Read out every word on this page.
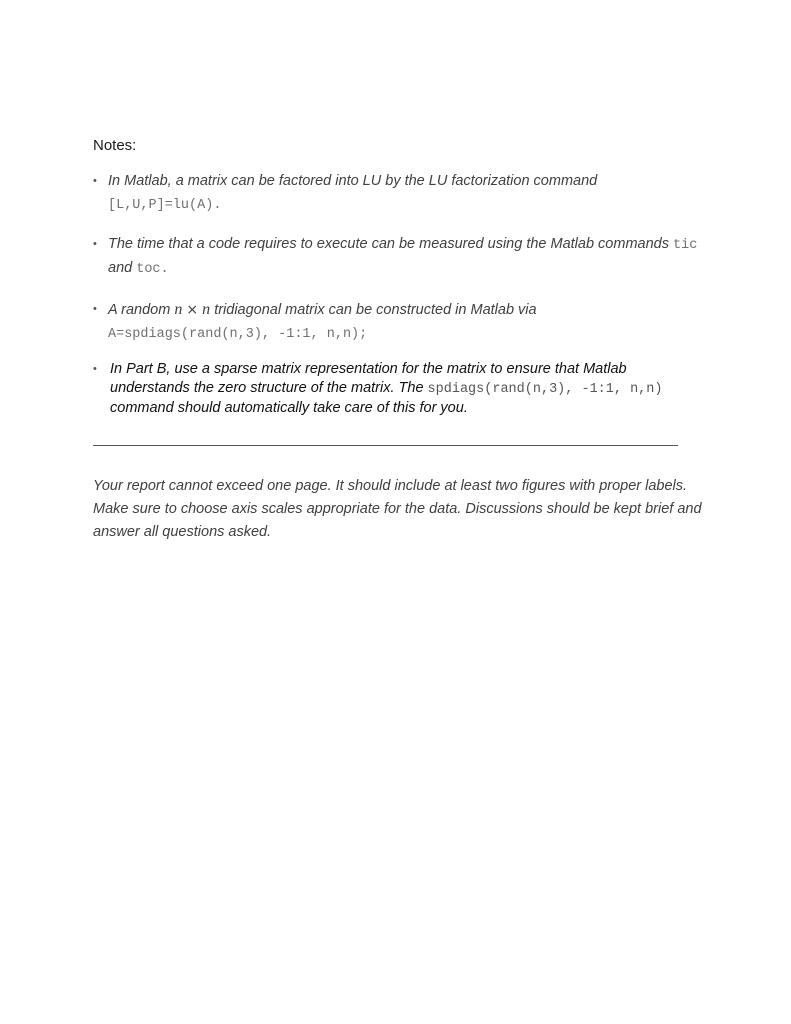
Notes:
• In Matlab, a matrix can be factored into LU by the LU factorization command
[L,U,P]=lu(A).
• The time that a code requires to execute can be measured using the Matlab commands tic and toc.
• A random n × n tridiagonal matrix can be constructed in Matlab via
A=spdiags(rand(n,3), -1:1, n,n);
• In Part B, use a sparse matrix representation for the matrix to ensure that Matlab understands the zero structure of the matrix. The spdiags(rand(n,3), -1:1, n,n) command should automatically take care of this for you.

Your report cannot exceed one page. It should include at least two figures with proper labels. Make sure to choose axis scales appropriate for the data. Discussions should be kept brief and answer all questions asked.
